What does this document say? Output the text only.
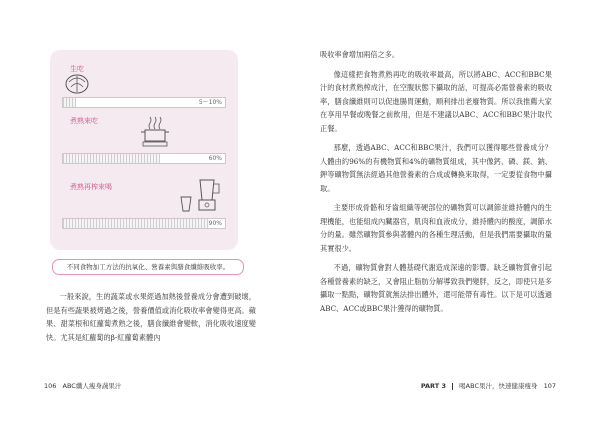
生吃
5～10%
煮熟來吃
60%
煮熟再榨來喝
90%
不同食物加工方法的抗氧化、營養素與膳食纖維吸收率。

一般來說，生的蔬菜或水果經過加熱後營養成分會遭到破壞，但是有些蔬果被烤過之後，營養價值或消化吸收率會變得更高。蘋果、甜菜根和紅蘿蔔煮熟之後，膳食纖維會變軟，消化吸收速度變快。尤其是紅蘿蔔的β-紅蘿蔔素體內

106 ABC纖人瘦身蔬果汁

吸收率會增加兩倍之多。

像這樣把食物煮熟再吃的吸收率最高，所以將ABC、ACC和BBC果汁的食材煮熟榨成汁，在空腹狀態下攝取的話，可提高必需營養素的吸收率，膳食纖維則可以促進腸胃運動，順利排出老廢物質。所以我推薦大家在享用早餐或晚餐之前飲用，但是不建議以ABC、ACC和BBC果汁取代正餐。

那麼，透過ABC、ACC和BBC果汁，我們可以獲得哪些營養成分？人體由約96%的有機物質和4%的礦物質組成，其中像鈣、磷、鎂、鈉、鉀等礦物質無法經過其他營養素的合成或轉換來取得，一定要從食物中攝取。

主要形成骨骼和牙齒組織等硬部位的礦物質可以調節並維持體內的生理機能，也能組成內臟器官，肌肉和血液成分，維持體內的酸度，調節水分的量。雖然礦物質參與著體內的各種生理活動，但是我們需要攝取的量其實很少。

不過，礦物質會對人體基礎代謝造成深遠的影響。缺乏礦物質會引起各種營養素的缺乏，又會阻止脂肪分解導致我們變胖，反之，即使只是多攝取一點點，礦物質就無法排出體外，還可能帶有毒性。以下是可以透過ABC、ACC或BBC果汁獲得的礦物質。

PART 3 喝ABC果汁，快速健康瘦身 107
